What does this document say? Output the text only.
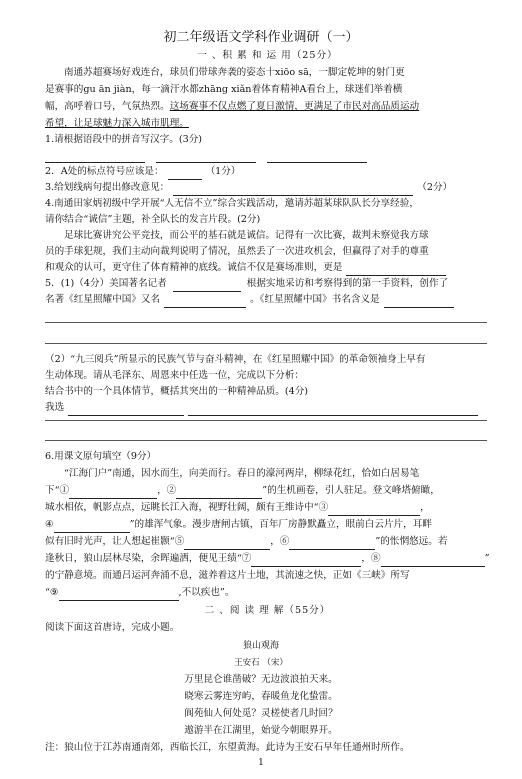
初二年级语文学科作业调研（一）
一 、积 累 和 运 用（25分）
南通苏超赛场好戏连台，球员们带球奔袭的姿态十xiōo sā，一脚定乾坤的射门更
是赛事的gu ān jiàn，每一滴汗水都zhāng xiǎn着体育精神A看台上，球迷们举着横
幅，高呼着口号，气氛热烈。这场赛事不仅点燃了夏日激情，更满足了市民对高品质运动
希望，让足球魅力深入城市肌理。
1.请根据语段中的拼音写汉字。(3分)

2．A处的标点符号应该是：	（1分）
3.给划线病句提出修改意见：	（2分）
4.南通田家炳初级中学开展“人无信不立”综合实践活动，邀请苏超某球队队长分享经验，
请你结合“诚信”主题，补全队长的发言片段。(2分)
足球比赛讲究公平竞技，而公平的基石就是诚信。记得有一次比赛，裁判未察觉我方球
员的手球犯规，我们主动向裁判说明了情况，虽然丢了一次进攻机会，但赢得了对手的尊重
和观众的认可，更守住了体育精神的底线。诚信不仅是赛场准则，更是
5．(1)（4分）美国著名记者	根据实地采访和考察得到的第一手资料，创作了
名著《红星照耀中国》又名	。《红星照耀中国》书名含义是
（2）“九三阅兵”所显示的民族气节与奋斗精神，在《红星照耀中国》的革命领袖身上早有
生动体现。请从毛泽东、周恩来中任选一位，完成以下分析：
结合书中的一个具体情节，概括其突出的一种精神品质。(4分)
我选
6.用课文原句填空（9分）
“江海门户”南通，因水而生，向美而行。春日的濠河两岸，柳绿花红，恰如白居易笔
下“①	，②	”的生机画卷，引人驻足。登文峰塔俯瞰，
城水相依，帆影点点，远眺长江入海，视野壮阔，颇有王维诗中“③	，
④	”的雄浑气象。漫步唐闸古镇，百年厂房静默矗立，眼前白云片片，耳畔
似有旧时光声，让人想起崔颢“⑤	，⑥	”的怅惘悠远。若
逢秋日，狼山层林尽染，余晖遍洒，便见王绩“⑦	，⑧	”
的宁静意境。而通吕运河奔涌不息，滋养着这片土地，其流速之快，正如《三峡》所写
“⑨	,不以疾也”。
二 、阅 读 理 解（55分）
阅读下面这首唐诗，完成小题。
狼山观海
王安石 （宋）
万里昆仑谁凿破？无边波浪拍天来。
晓寒云雾连穷屿，春暖鱼龙化蛰雷。
阆苑仙人何处觅？灵槎使者几时回？
遨游半在江湖里，始觉今朝眼界开。
注：狼山位于江苏南通南郊，西临长江，东望黄海。此诗为王安石早年任通州时所作。
1
